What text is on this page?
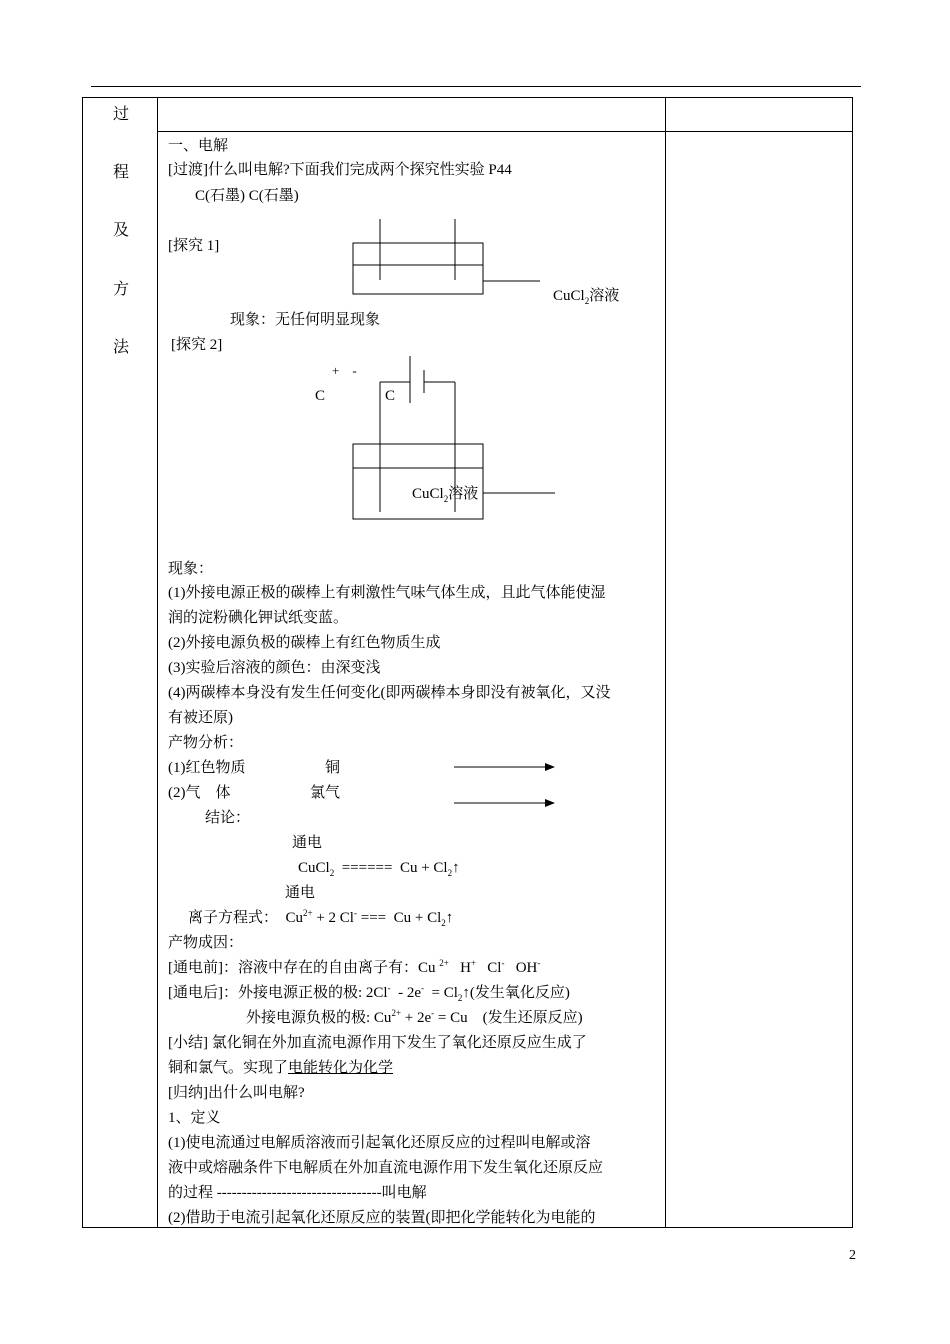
过
程
及
方
法
一、电解
[过渡]什么叫电解?下面我们完成两个探究性实验 P44
C(石墨) C(石墨)
[探究 1]
CuCl$_2$溶液
现象：无任何明显现象
[探究 2]
+    -
C	C
CuCl$_2$溶液
现象：
(1)外接电源正极的碳棒上有刺激性气味气体生成，且此气体能使湿
润的淀粉碘化钾试纸变蓝。
(2)外接电源负极的碳棒上有红色物质生成
(3)实验后溶液的颜色：由深变浅
(4)两碳棒本身没有发生任何变化(即两碳棒本身即没有被氧化，又没
有被还原)
产物分析：
(1)红色物质	铜
(2)气    体	氯气
结论：
通电
CuCl$_2$  ======  $Cu + Cl_2↑$
通电
离子方程式：  $Cu^{2+} + 2$ Cl- ===  $Cu + Cl_2↑$
产物成因：
[通电前]：溶液中存在的自由离子有：Cu $^{2+}$   H+   Cl-   OH-
[通电后]：外接电源正极的极: $2Cl^- - 2e^- = Cl_2↑$(发生氧化反应)
外接电源负极的极: $Cu^{2+} + 2e^- = Cu$    (发生还原反应)
[小结] 氯化铜在外加直流电源作用下发生了氧化还原反应生成了
铜和氯气。实现了电能转化为化学
[归纳]出什么叫电解?
1、定义
(1)使电流通过电解质溶液而引起氧化还原反应的过程叫电解或溶
液中或熔融条件下电解质在外加直流电源作用下发生氧化还原反应
的过程 ---------------------------------叫电解
(2)借助于电流引起氧化还原反应的装置(即把化学能转化为电能的
2
